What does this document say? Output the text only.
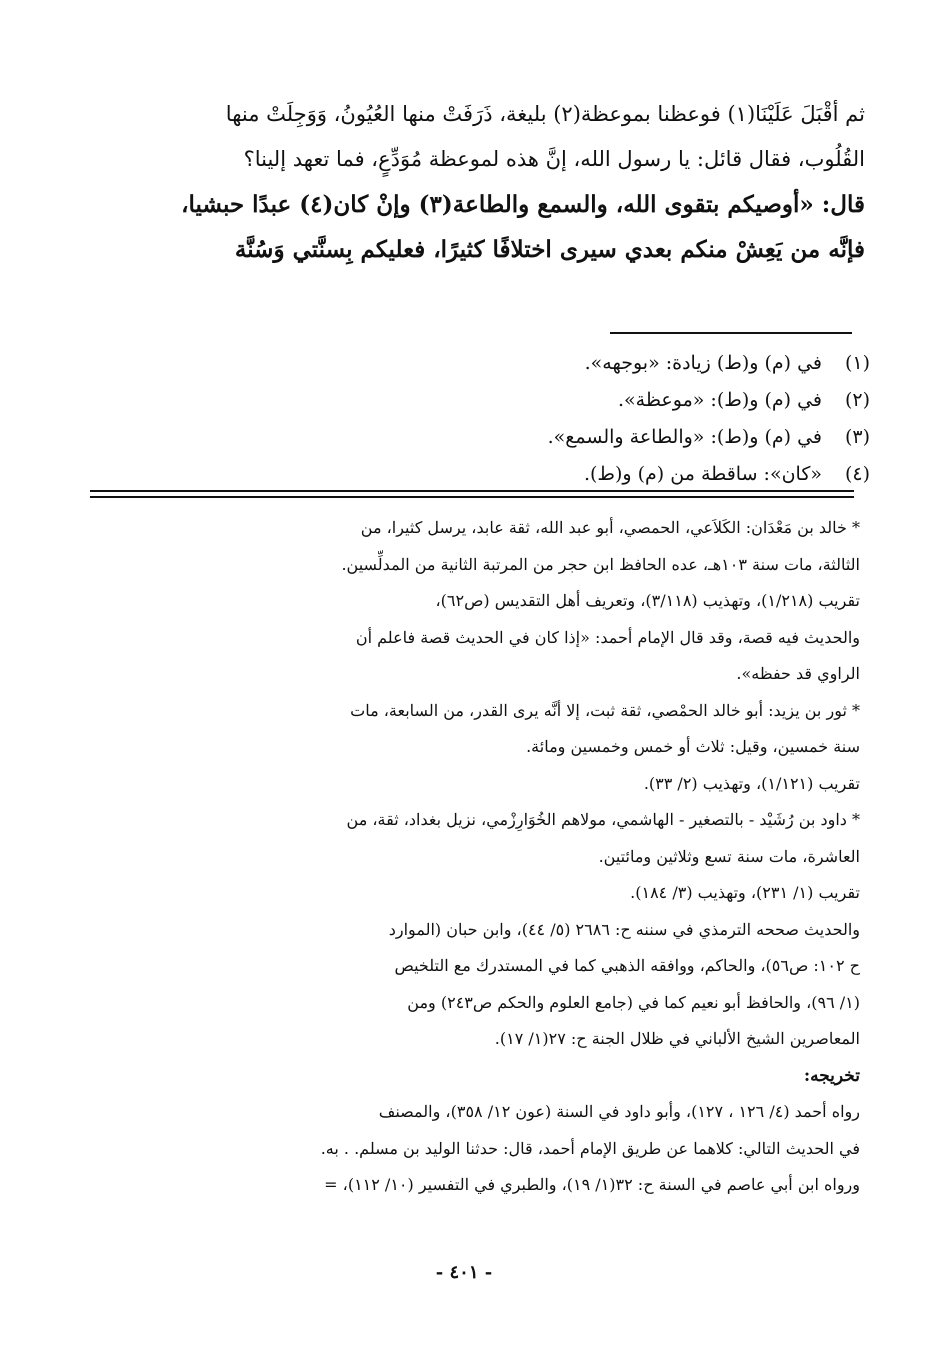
ثم أقْبَلَ عَلَيْنَا(١) فوعظنا بموعظة(٢) بليغة، ذَرَفَتْ منها العُيُونُ، وَوَجِلَتْ منها
القُلُوب، فقال قائل: يا رسول الله، إنَّ هذه لموعظة مُوَدِّعٍ، فما تعهد إلينا؟
قال: «أوصيكم بتقوى الله، والسمع والطاعة(٣) وإنْ كان(٤) عبدًا حبشيا،
فإنَّه من يَعِشْ منكم بعدي سيرى اختلافًا كثيرًا، فعليكم بِسنَّتي وَسُنَّة
(١)في (م) و(ط) زيادة: «بوجهه».
(٢)في (م) و(ط): «موعظة».
(٣)في (م) و(ط): «والطاعة والسمع».
(٤)«كان»: ساقطة من (م) و(ط).
* خالد بن مَعْدَان: الكَلاَعي، الحمصي، أبو عبد الله، ثقة عابد، يرسل كثيرا، من
الثالثة، مات سنة ١٠٣هـ، عده الحافظ ابن حجر من المرتبة الثانية من المدلِّسين.
تقريب (١/٢١٨)، وتهذيب (٣/١١٨)، وتعريف أهل التقديس (ص٦٢)،
والحديث فيه قصة، وقد قال الإمام أحمد: «إذا كان في الحديث قصة فاعلم أن
الراوي قد حفظه».
* ثور بن يزيد: أبو خالد الحمْصي، ثقة ثبت، إلا أنَّه يرى القدر، من السابعة، مات
سنة خمسين، وقيل: ثلاث أو خمس وخمسين ومائة.
تقريب (١/١٢١)، وتهذيب (٢/ ٣٣).
* داود بن رُشَيْد - بالتصغير - الهاشمي، مولاهم الخُوَارِزْمي، نزيل بغداد، ثقة، من
العاشرة، مات سنة تسع وثلاثين ومائتين.
تقريب (١/ ٢٣١)، وتهذيب (٣/ ١٨٤).
والحديث صححه الترمذي في سننه ح: ٢٦٨٦ (٥/ ٤٤)، وابن حبان (الموارد
ح ١٠٢: ص٥٦)، والحاكم، ووافقه الذهبي كما في المستدرك مع التلخيص
(١/ ٩٦)، والحافظ أبو نعيم كما في (جامع العلوم والحكم ص٢٤٣) ومن
المعاصرين الشيخ الألباني في ظلال الجنة ح: ٢٧(١/ ١٧).
تخريجه:
رواه أحمد (٤/ ١٢٦ ، ١٢٧)، وأبو داود في السنة (عون ١٢/ ٣٥٨)، والمصنف
في الحديث التالي: كلاهما عن طريق الإمام أحمد، قال: حدثنا الوليد بن مسلم. . به.
ورواه ابن أبي عاصم في السنة ح: ٣٢(١/ ١٩)، والطبري في التفسير (١٠/ ١١٢)، =
- ٤٠١ -
